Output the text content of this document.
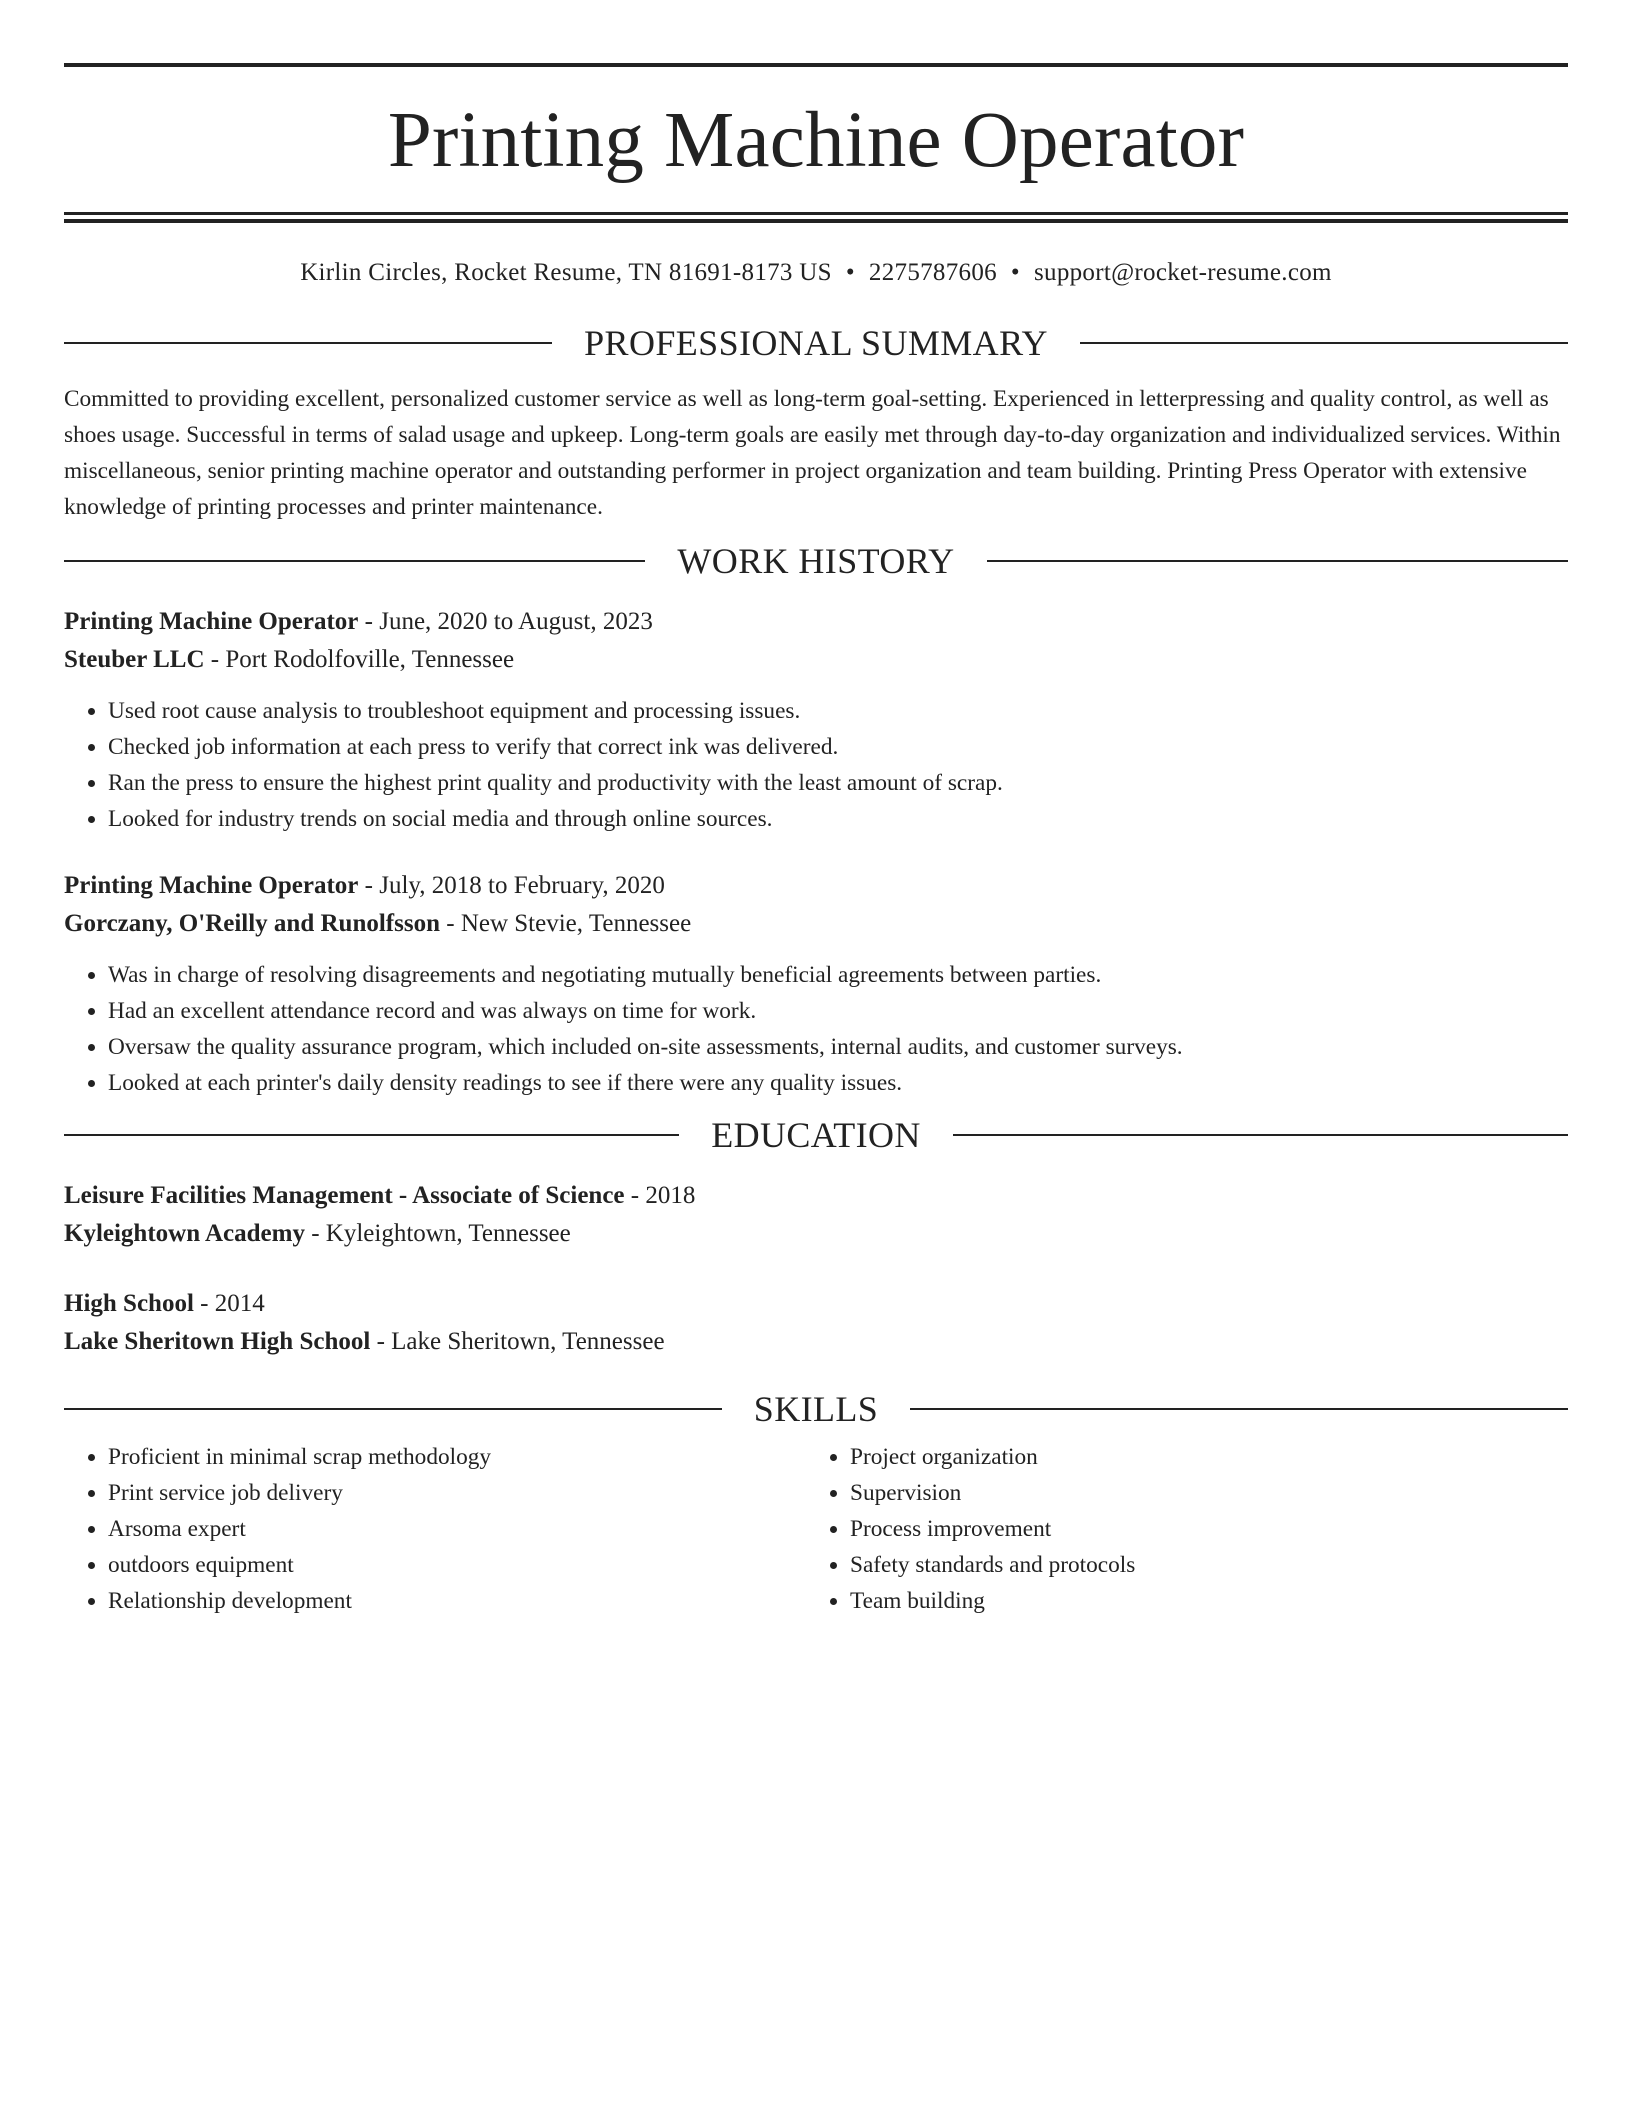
Printing Machine Operator
Kirlin Circles, Rocket Resume, TN 81691-8173 US • 2275787606 • support@rocket-resume.com
PROFESSIONAL SUMMARY

Committed to providing excellent, personalized customer service as well as long-term goal-setting. Experienced in letterpressing and quality control, as well as shoes usage. Successful in terms of salad usage and upkeep. Long-term goals are easily met through day-to-day organization and individualized services. Within miscellaneous, senior printing machine operator and outstanding performer in project organization and team building. Printing Press Operator with extensive knowledge of printing processes and printer maintenance.

WORK HISTORY
Printing Machine Operator - June, 2020 to August, 2023
Steuber LLC - Port Rodolfoville, Tennessee
• Used root cause analysis to troubleshoot equipment and processing issues.
• Checked job information at each press to verify that correct ink was delivered.
• Ran the press to ensure the highest print quality and productivity with the least amount of scrap.
• Looked for industry trends on social media and through online sources.
Printing Machine Operator - July, 2018 to February, 2020
Gorczany, O'Reilly and Runolfsson - New Stevie, Tennessee
• Was in charge of resolving disagreements and negotiating mutually beneficial agreements between parties.
• Had an excellent attendance record and was always on time for work.
• Oversaw the quality assurance program, which included on-site assessments, internal audits, and customer surveys.
• Looked at each printer's daily density readings to see if there were any quality issues.
EDUCATION
Leisure Facilities Management - Associate of Science - 2018
Kyleightown Academy - Kyleightown, Tennessee
High School - 2014
Lake Sheritown High School - Lake Sheritown, Tennessee
SKILLS
• Proficient in minimal scrap methodology
• Print service job delivery
• Arsoma expert
• outdoors equipment
• Relationship development
• Project organization
• Supervision
• Process improvement
• Safety standards and protocols
• Team building
